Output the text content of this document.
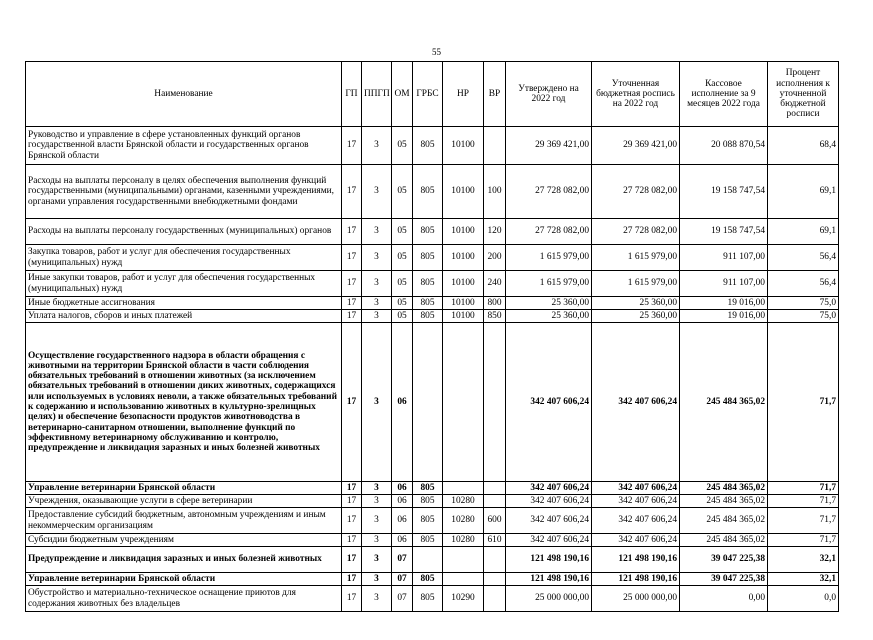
55
Наименование	ГП	ППГП	ОМ	ГРБС	НР	ВР	Утверждено на 2022 год	Уточненная бюджетная роспись на 2022 год	Кассовое исполнение за 9 месяцев 2022 года	Процент исполнения к уточненной бюджетной росписи
Руководство и управление в сфере установленных функций органов государственной власти Брянской области и государственных органов Брянской области	17	3	05	805	10100		29 369 421,00	29 369 421,00	20 088 870,54	68,4
Расходы на выплаты персоналу в целях обеспечения выполнения функций государственными (муниципальными) органами, казенными учреждениями, органами управления государственными внебюджетными фондами	17	3	05	805	10100	100	27 728 082,00	27 728 082,00	19 158 747,54	69,1
Расходы на выплаты персоналу государственных (муниципальных) органов	17	3	05	805	10100	120	27 728 082,00	27 728 082,00	19 158 747,54	69,1
Закупка товаров, работ и услуг для обеспечения государственных (муниципальных) нужд	17	3	05	805	10100	200	1 615 979,00	1 615 979,00	911 107,00	56,4
Иные закупки товаров, работ и услуг для обеспечения государственных (муниципальных) нужд	17	3	05	805	10100	240	1 615 979,00	1 615 979,00	911 107,00	56,4
Иные бюджетные ассигнования	17	3	05	805	10100	800	25 360,00	25 360,00	19 016,00	75,0
Уплата налогов, сборов и иных платежей	17	3	05	805	10100	850	25 360,00	25 360,00	19 016,00	75,0
Осуществление государственного надзора в области обращения с животными на территории Брянской области в части соблюдения обязательных требований в отношении животных (за исключением обязательных требований в отношении диких животных, содержащихся или используемых в условиях неволи, а также обязательных требований к содержанию и использованию животных в культурно-зрелищных целях) и обеспечение безопасности продуктов животноводства в ветеринарно-санитарном отношении, выполнение функций по эффективному ветеринарному обслуживанию и контролю, предупреждение и ликвидация заразных и иных болезней животных	17	3	06				342 407 606,24	342 407 606,24	245 484 365,02	71,7
Управление ветеринарии Брянской области	17	3	06	805			342 407 606,24	342 407 606,24	245 484 365,02	71,7
Учреждения, оказывающие услуги в сфере ветеринарии	17	3	06	805	10280		342 407 606,24	342 407 606,24	245 484 365,02	71,7
Предоставление субсидий бюджетным, автономным учреждениям и иным некоммерческим организациям	17	3	06	805	10280	600	342 407 606,24	342 407 606,24	245 484 365,02	71,7
Субсидии бюджетным учреждениям	17	3	06	805	10280	610	342 407 606,24	342 407 606,24	245 484 365,02	71,7
Предупреждение и ликвидация заразных и иных болезней животных	17	3	07				121 498 190,16	121 498 190,16	39 047 225,38	32,1
Управление ветеринарии Брянской области	17	3	07	805			121 498 190,16	121 498 190,16	39 047 225,38	32,1
Обустройство и материально-техническое оснащение приютов для содержания животных без владельцев	17	3	07	805	10290		25 000 000,00	25 000 000,00	0,00	0,0
